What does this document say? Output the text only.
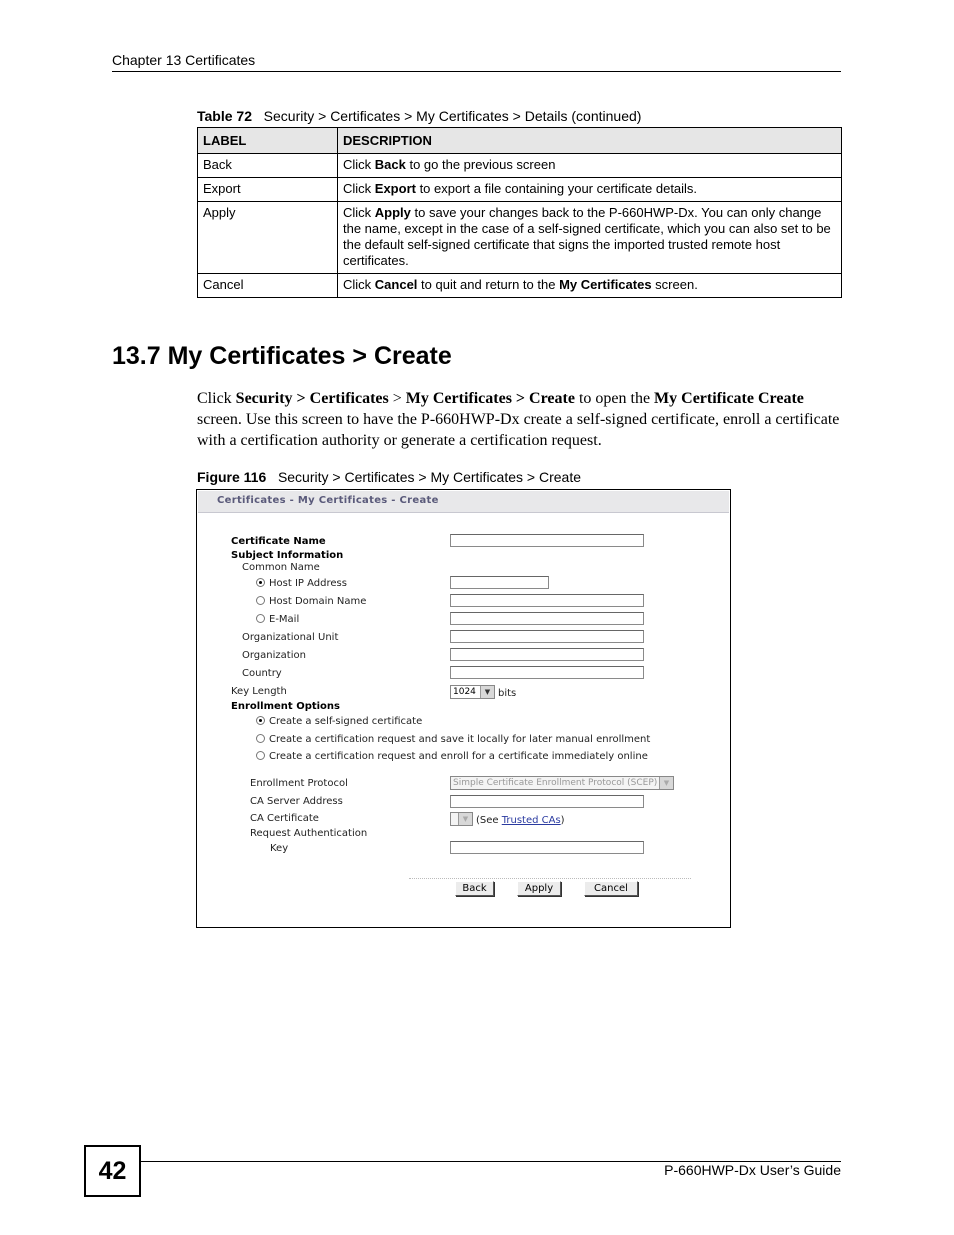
Chapter 13 Certificates
Table 72 Security > Certificates > My Certificates > Details (continued)
LABEL	DESCRIPTION
Back	Click Back to go the previous screen
Export	Click Export to export a file containing your certificate details.
Apply	Click Apply to save your changes back to the P-660HWP-Dx. You can only change the name, except in the case of a self-signed certificate, which you can also set to be the default self-signed certificate that signs the imported trusted remote host certificates.
Cancel	Click Cancel to quit and return to the My Certificates screen.
13.7 My Certificates > Create
Click Security > Certificates > My Certificates > Create to open the My Certificate Create screen. Use this screen to have the P-660HWP-Dx create a self-signed certificate, enroll a certificate with a certification authority or generate a certification request.
Figure 116 Security > Certificates > My Certificates > Create
Certificates - My Certificates - Create
Certificate Name
Subject Information
Common Name
Host IP Address
Host Domain Name
E-Mail
Organizational Unit
Organization
Country
Key Length	1024	▼ bits
Enrollment Options
Create a self-signed certificate
Create a certification request and save it locally for later manual enrollment
Create a certification request and enroll for a certificate immediately online
Enrollment Protocol	Simple Certificate Enrollment Protocol (SCEP) ▼
CA Server Address
CA Certificate	▼ (See Trusted CAs)
Request Authentication
Key
Back	Apply	Cancel
42	P-660HWP-Dx User’s Guide
